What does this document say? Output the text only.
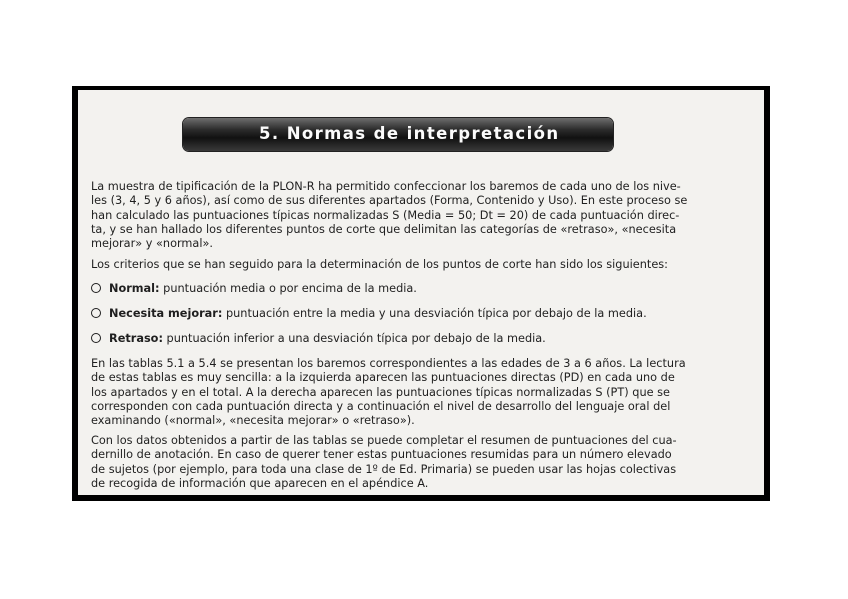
5. Normas de interpretación

La muestra de tipificación de la PLON-R ha permitido confeccionar los baremos de cada uno de los nive-
les (3, 4, 5 y 6 años), así como de sus diferentes apartados (Forma, Contenido y Uso). En este proceso se
han calculado las puntuaciones típicas normalizadas S (Media = 50; Dt = 20) de cada puntuación direc-
ta, y se han hallado los diferentes puntos de corte que delimitan las categorías de «retraso», «necesita
mejorar» y «normal».

Los criterios que se han seguido para la determinación de los puntos de corte han sido los siguientes:

Normal: puntuación media o por encima de la media.
Necesita mejorar: puntuación entre la media y una desviación típica por debajo de la media.
Retraso: puntuación inferior a una desviación típica por debajo de la media.

En las tablas 5.1 a 5.4 se presentan los baremos correspondientes a las edades de 3 a 6 años. La lectura
de estas tablas es muy sencilla: a la izquierda aparecen las puntuaciones directas (PD) en cada uno de
los apartados y en el total. A la derecha aparecen las puntuaciones típicas normalizadas S (PT) que se
corresponden con cada puntuación directa y a continuación el nivel de desarrollo del lenguaje oral del
examinando («normal», «necesita mejorar» o «retraso»).

Con los datos obtenidos a partir de las tablas se puede completar el resumen de puntuaciones del cua-
dernillo de anotación. En caso de querer tener estas puntuaciones resumidas para un número elevado
de sujetos (por ejemplo, para toda una clase de 1º de Ed. Primaria) se pueden usar las hojas colectivas
de recogida de información que aparecen en el apéndice A.
